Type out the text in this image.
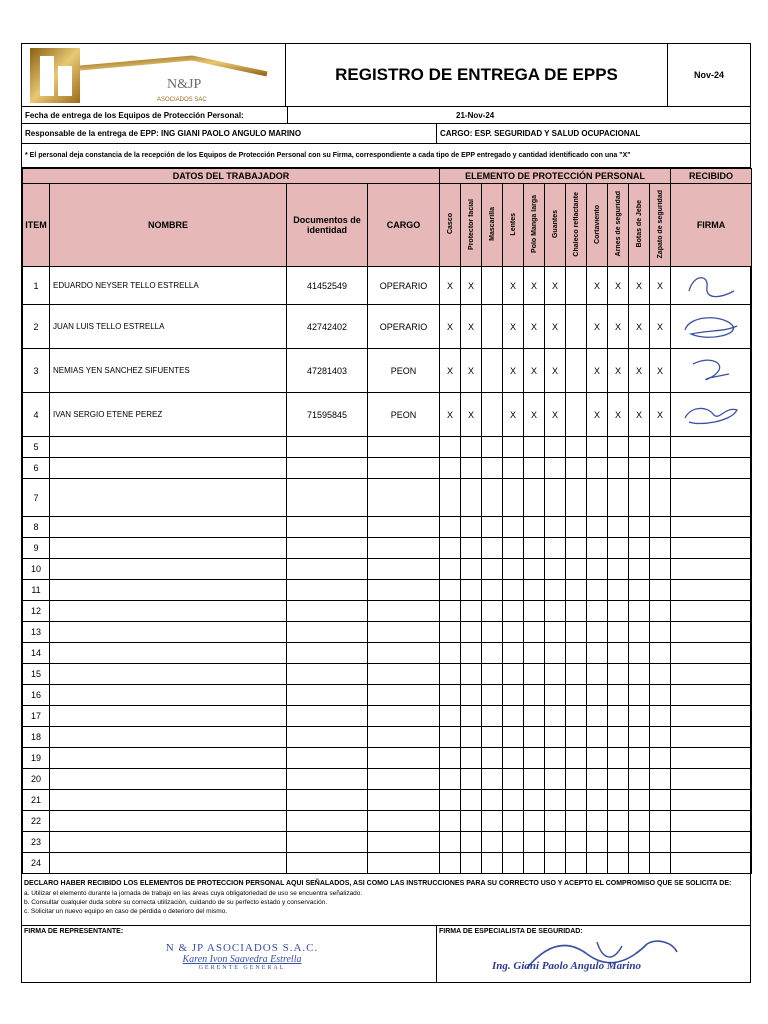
N&JP
ASOCIADOS SAC
REGISTRO DE ENTREGA DE EPPS	Nov-24
Fecha de entrega de los Equipos de Protección Personal:	21-Nov-24
Responsable de la entrega de EPP: ING GIANI PAOLO ANGULO MARINO	CARGO: ESP. SEGURIDAD Y SALUD OCUPACIONAL
* El personal deja constancia de la recepción de los Equipos de Protección Personal con su Firma, correspondiente a cada tipo de EPP entregado y cantidad identificado con una "X"
DATOS DEL TRABAJADOR				ELEMENTO DE PROTECCIÓN PERSONAL											RECIBIDO
ITEM	NOMBRE	Documentos de identidad	CARGO	Casco	Protector facial	Mascarilla	Lentes	Polo Manga larga	Guantes	Chaleco reflactante	Cortaviento	Arnes de seguridad	Botas de Jebe	Zapato de seguridad	FIRMA
1	EDUARDO NEYSER TELLO ESTRELLA	41452549	OPERARIO	X	X		X	X	X		X	X	X	X	

2	JUAN LUIS TELLO ESTRELLA	42742402	OPERARIO	X	X		X	X	X		X	X	X	X	

3	NEMIAS YEN SANCHEZ SIFUENTES	47281403	PEON	X	X		X	X	X		X	X	X	X	

4	IVAN SERGIO ETENE PEREZ	71595845	PEON	X	X		X	X	X		X	X	X	X	

5															
6															
7															
8															
9															
10															
11															
12															
13															
14															
15															
16															
17															
18															
19															
20															
21															
22															
23															
24															
DECLARO HABER RECIBIDO LOS ELEMENTOS DE PROTECCION PERSONAL AQUI SEÑALADOS, ASI COMO LAS INSTRUCCIONES PARA SU CORRECTO USO Y ACEPTO EL COMPROMISO QUE SE SOLICITA DE:
a. Utilizar el elemento durante la jornada de trabajo en las áreas cuya obligatoriedad de uso se encuentra señalizado.
b. Consultar cualquier duda sobre su correcta utilización, cuidando de su perfecto estado y conservación.
c. Solicitar un nuevo equipo en caso de pérdida o deterioro del mismo.
FIRMA DE REPRESENTANTE:
N & JP ASOCIADOS S.A.C.
Karen Ivon Saavedra Estrella
GERENTE GENERAL
FIRMA DE ESPECIALISTA DE SEGURIDAD:
Ing. Giani Paolo Angulo Marino
